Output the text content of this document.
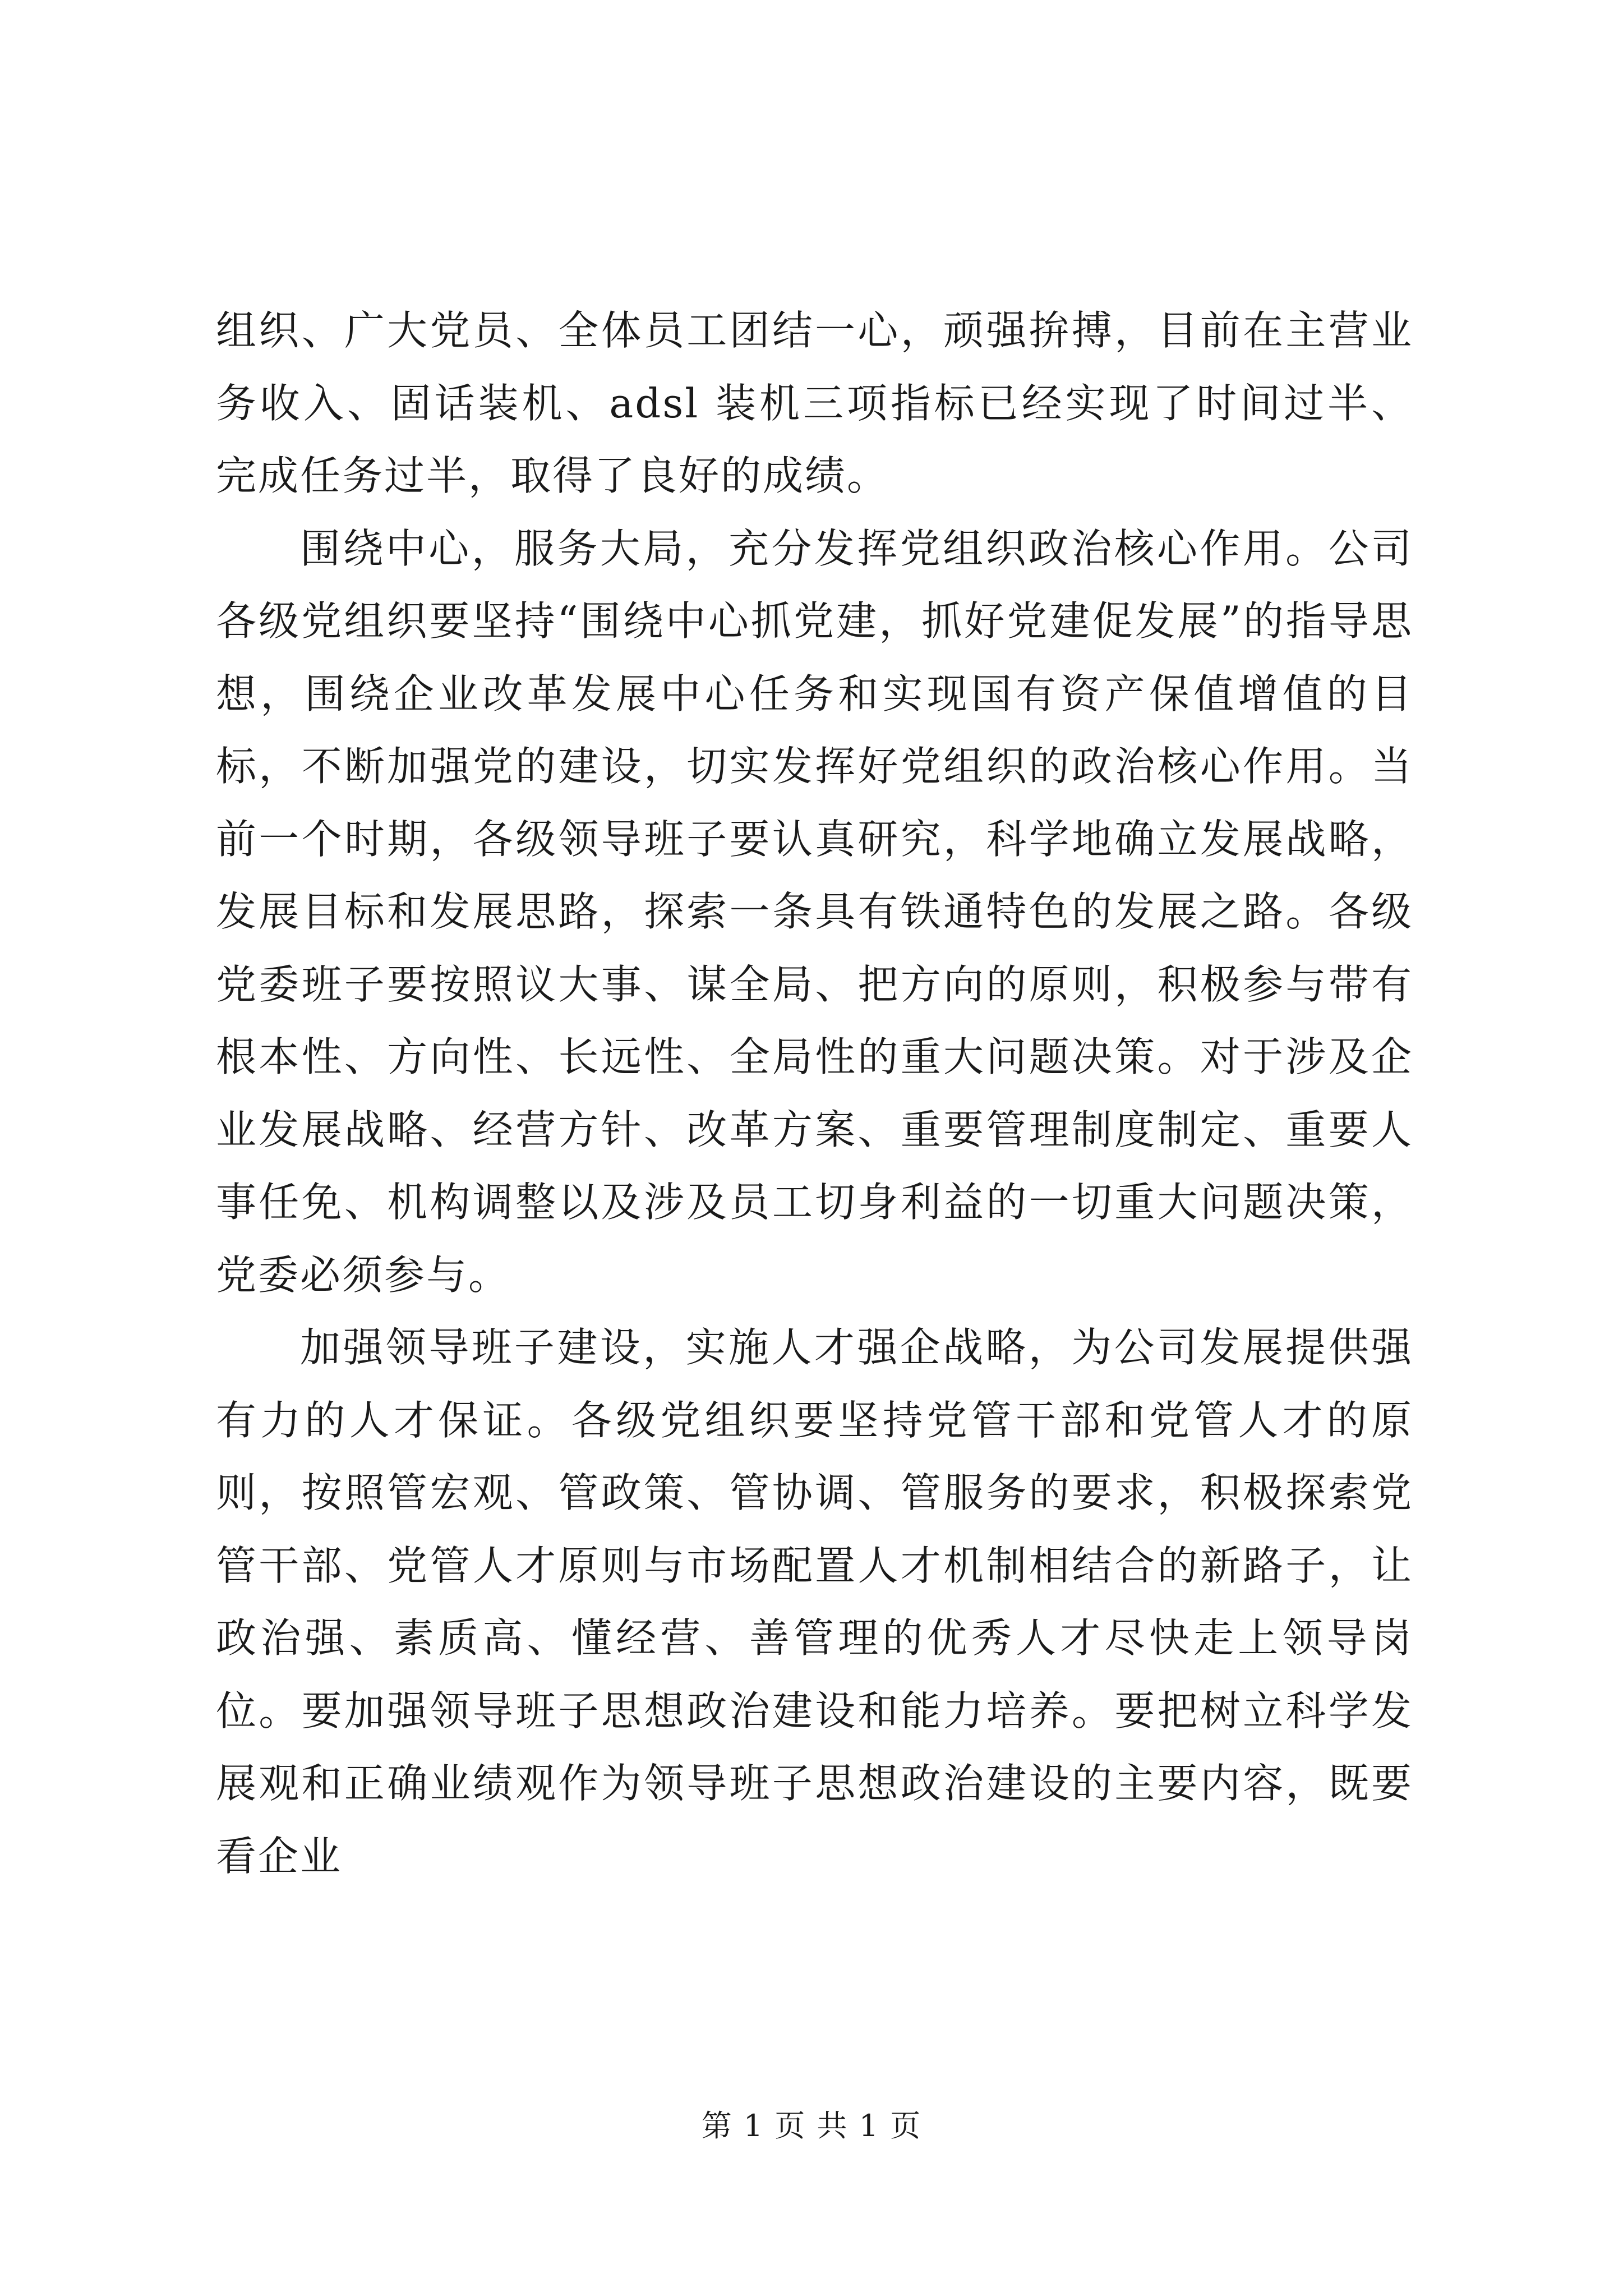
组织、广大党员、全体员工团结一心，顽强拚搏，目前在主营业务收入、固话装机、adsl 装机三项指标已经实现了时间过半、完成任务过半，取得了良好的成绩。

围绕中心，服务大局，充分发挥党组织政治核心作用。公司各级党组织要坚持“围绕中心抓党建，抓好党建促发展”的指导思想，围绕企业改革发展中心任务和实现国有资产保值增值的目标，不断加强党的建设，切实发挥好党组织的政治核心作用。当前一个时期，各级领导班子要认真研究，科学地确立发展战略，发展目标和发展思路，探索一条具有铁通特色的发展之路。各级党委班子要按照议大事、谋全局、把方向的原则，积极参与带有根本性、方向性、长远性、全局性的重大问题决策。对于涉及企业发展战略、经营方针、改革方案、重要管理制度制定、重要人事任免、机构调整以及涉及员工切身利益的一切重大问题决策，党委必须参与。

加强领导班子建设，实施人才强企战略，为公司发展提供强有力的人才保证。各级党组织要坚持党管干部和党管人才的原则，按照管宏观、管政策、管协调、管服务的要求，积极探索党管干部、党管人才原则与市场配置人才机制相结合的新路子，让政治强、素质高、懂经营、善管理的优秀人才尽快走上领导岗位。要加强领导班子思想政治建设和能力培养。要把树立科学发展观和正确业绩观作为领导班子思想政治建设的主要内容，既要看企业

第 1 页 共 1 页
